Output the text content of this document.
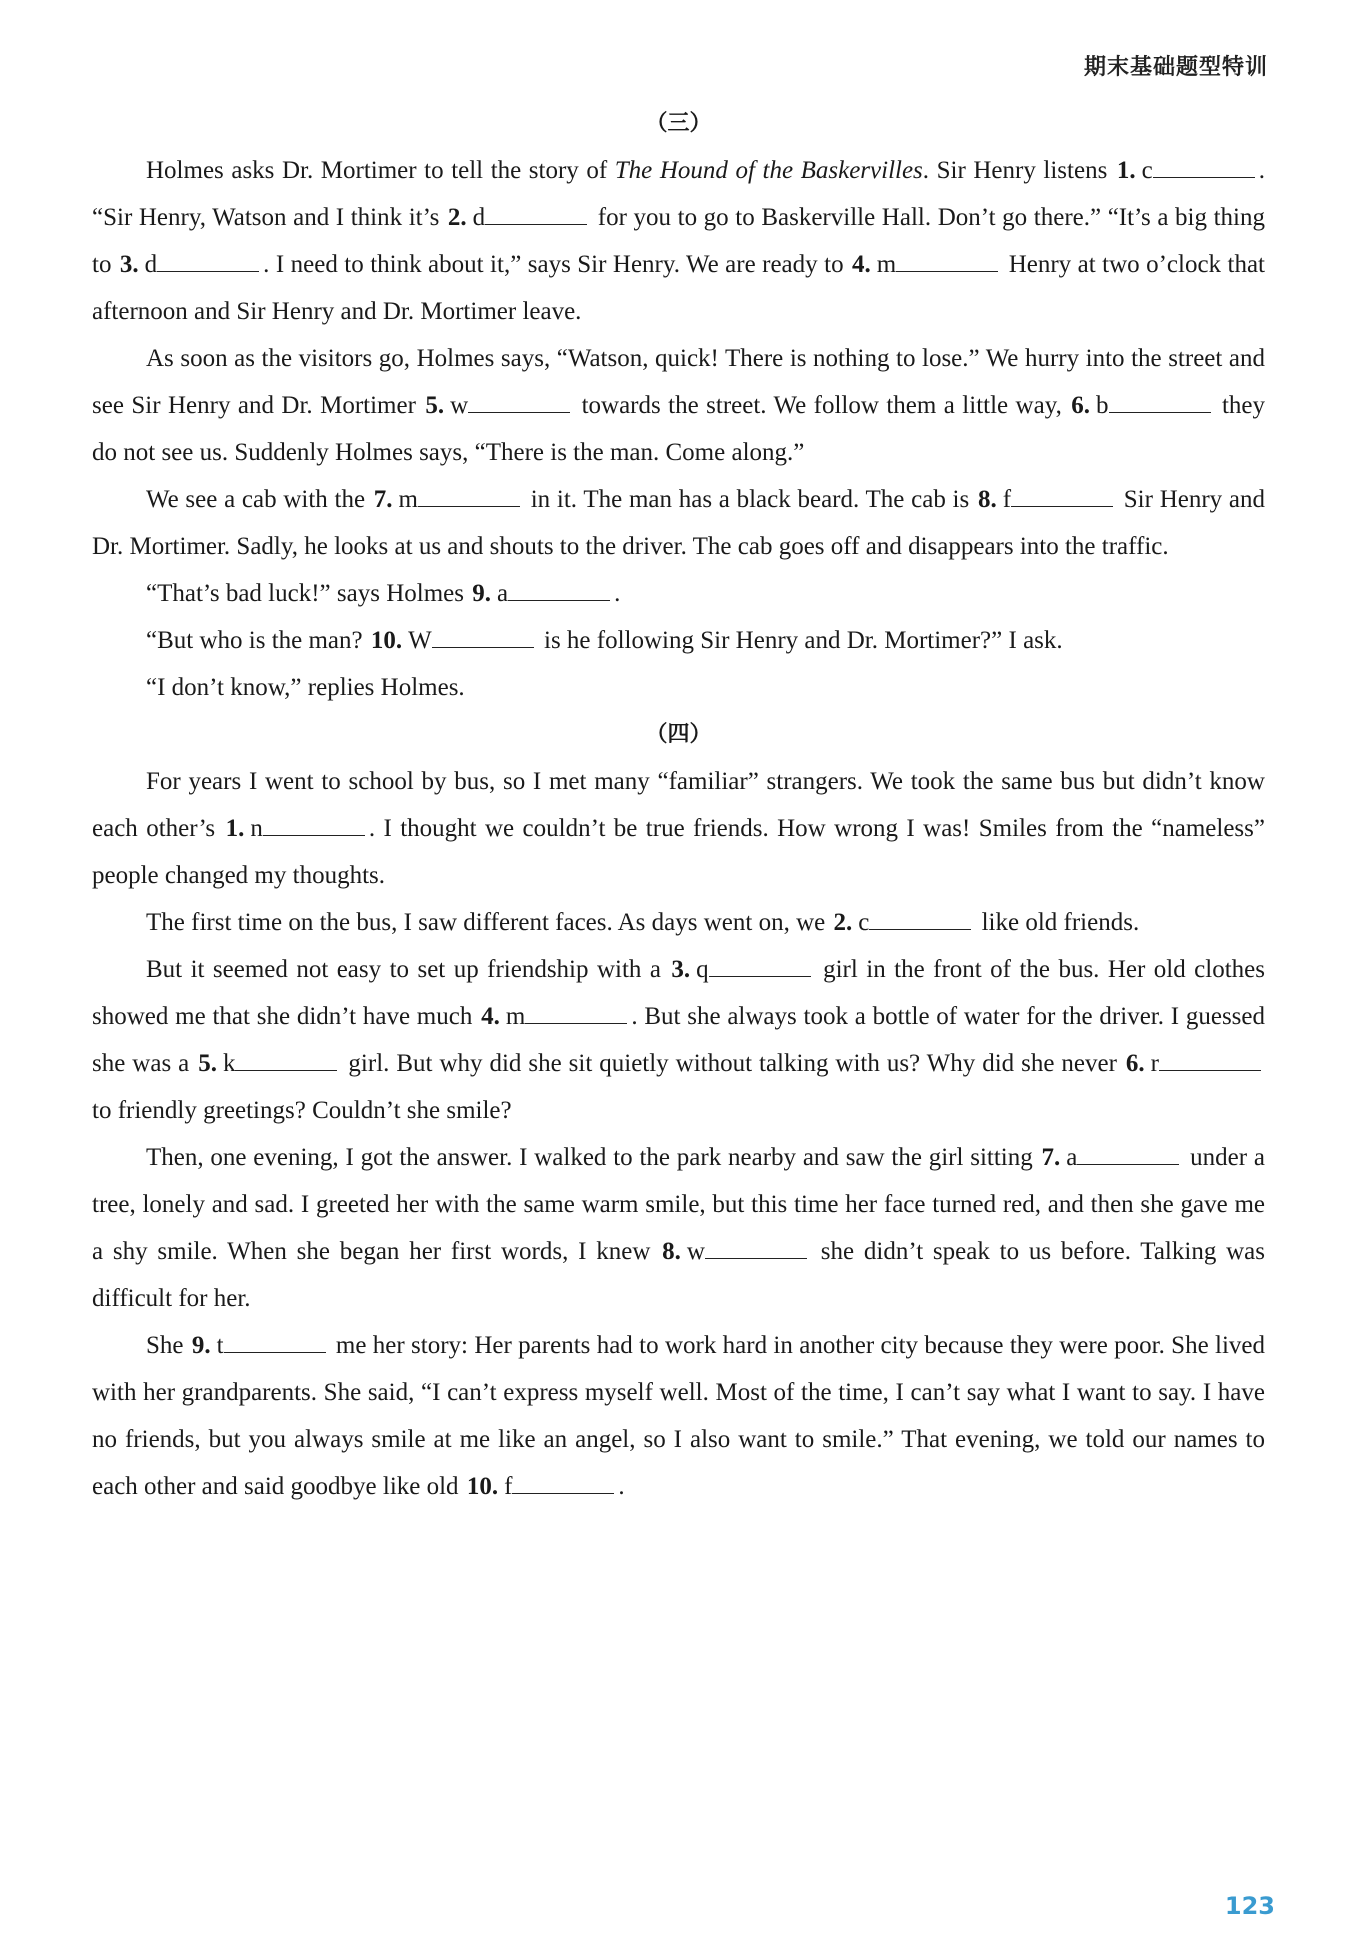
期末基础题型特训
（三）

Holmes asks Dr. Mortimer to tell the story of The Hound of the Baskervilles. Sir Henry listens 1. c	. “Sir Henry, Watson and I think it’s 2. d	for you to go to Baskerville Hall. Don’t go there.” “It’s a big thing to 3. d	. I need to think about it,” says Sir Henry. We are ready to 4. m	Henry at two o’clock that afternoon and Sir Henry and Dr. Mortimer leave.

As soon as the visitors go, Holmes says, “Watson, quick! There is nothing to lose.” We hurry into the street and see Sir Henry and Dr. Mortimer 5. w	towards the street. We follow them a little way, 6. b	they do not see us. Suddenly Holmes says, “There is the man. Come along.”

We see a cab with the 7. m	in it. The man has a black beard. The cab is 8. f	Sir Henry and Dr. Mortimer. Sadly, he looks at us and shouts to the driver. The cab goes off and disappears into the traffic.

“That’s bad luck!” says Holmes 9. a	.

“But who is the man? 10. W	is he following Sir Henry and Dr. Mortimer?” I ask.

“I don’t know,” replies Holmes.

（四）

For years I went to school by bus, so I met many “familiar” strangers. We took the same bus but didn’t know each other’s 1. n	. I thought we couldn’t be true friends. How wrong I was! Smiles from the “nameless” people changed my thoughts.

The first time on the bus, I saw different faces. As days went on, we 2. c	like old friends.

But it seemed not easy to set up friendship with a 3. q	girl in the front of the bus. Her old clothes showed me that she didn’t have much 4. m	. But she always took a bottle of water for the driver. I guessed she was a 5. k	girl. But why did she sit quietly without talking with us? Why did she never 6. r to friendly greetings? Couldn’t she smile?

Then, one evening, I got the answer. I walked to the park nearby and saw the girl sitting 7. a	under a tree, lonely and sad. I greeted her with the same warm smile, but this time her face turned red, and then she gave me a shy smile. When she began her first words, I knew 8. w	she didn’t speak to us before. Talking was difficult for her.

She 9. t	me her story: Her parents had to work hard in another city because they were poor. She lived with her grandparents. She said, “I can’t express myself well. Most of the time, I can’t say what I want to say. I have no friends, but you always smile at me like an angel, so I also want to smile.” That evening, we told our names to each other and said goodbye like old 10. f	.

123
